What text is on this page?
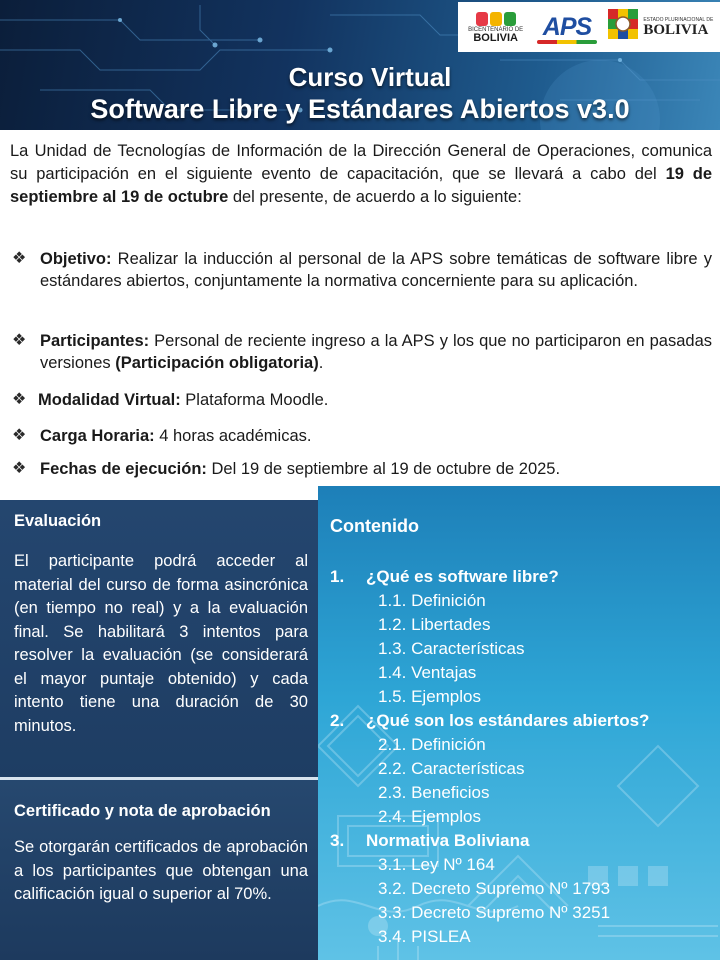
BICENTENARIO DE
BOLIVIA APS	ESTADO PLURINACIONAL DE
BOLIVIA
Curso Virtual
Software Libre y Estándares Abiertos v3.0

La Unidad de Tecnologías de Información de la Dirección General de Operaciones, comunica su participación en el siguiente evento de capacitación, que se llevará a cabo del 19 de septiembre al 19 de octubre del presente, de acuerdo a lo siguiente:

❖ Objetivo: Realizar la inducción al personal de la APS sobre temáticas de software libre y estándares abiertos, conjuntamente la normativa concerniente para su aplicación.
❖ Participantes: Personal de reciente ingreso a la APS y los que no participaron en pasadas versiones (Participación obligatoria).
❖ Modalidad Virtual: Plataforma Moodle.
❖ Carga Horaria: 4 horas académicas.
❖ Fechas de ejecución: Del 19 de septiembre al 19 de octubre de 2025.
Evaluación
El participante podrá acceder al material del curso de forma asincrónica (en tiempo no real) y a la evaluación final. Se habilitará 3 intentos para resolver la evaluación (se considerará el mayor puntaje obtenido) y cada intento tiene una duración de 30 minutos.
Certificado y nota de aprobación
Se otorgarán certificados de aprobación a los participantes que obtengan una calificación igual o superior al 70%.
Contenido
1. ¿Qué es software libre?
1.1. Definición
1.2. Libertades
1.3. Características
1.4. Ventajas
1.5. Ejemplos
2. ¿Qué son los estándares abiertos?
2.1. Definición
2.2. Características
2.3. Beneficios
2.4. Ejemplos
3. Normativa Boliviana
3.1. Ley Nº 164
3.2. Decreto Supremo Nº 1793
3.3. Decreto Supremo Nº 3251
3.4. PISLEA
